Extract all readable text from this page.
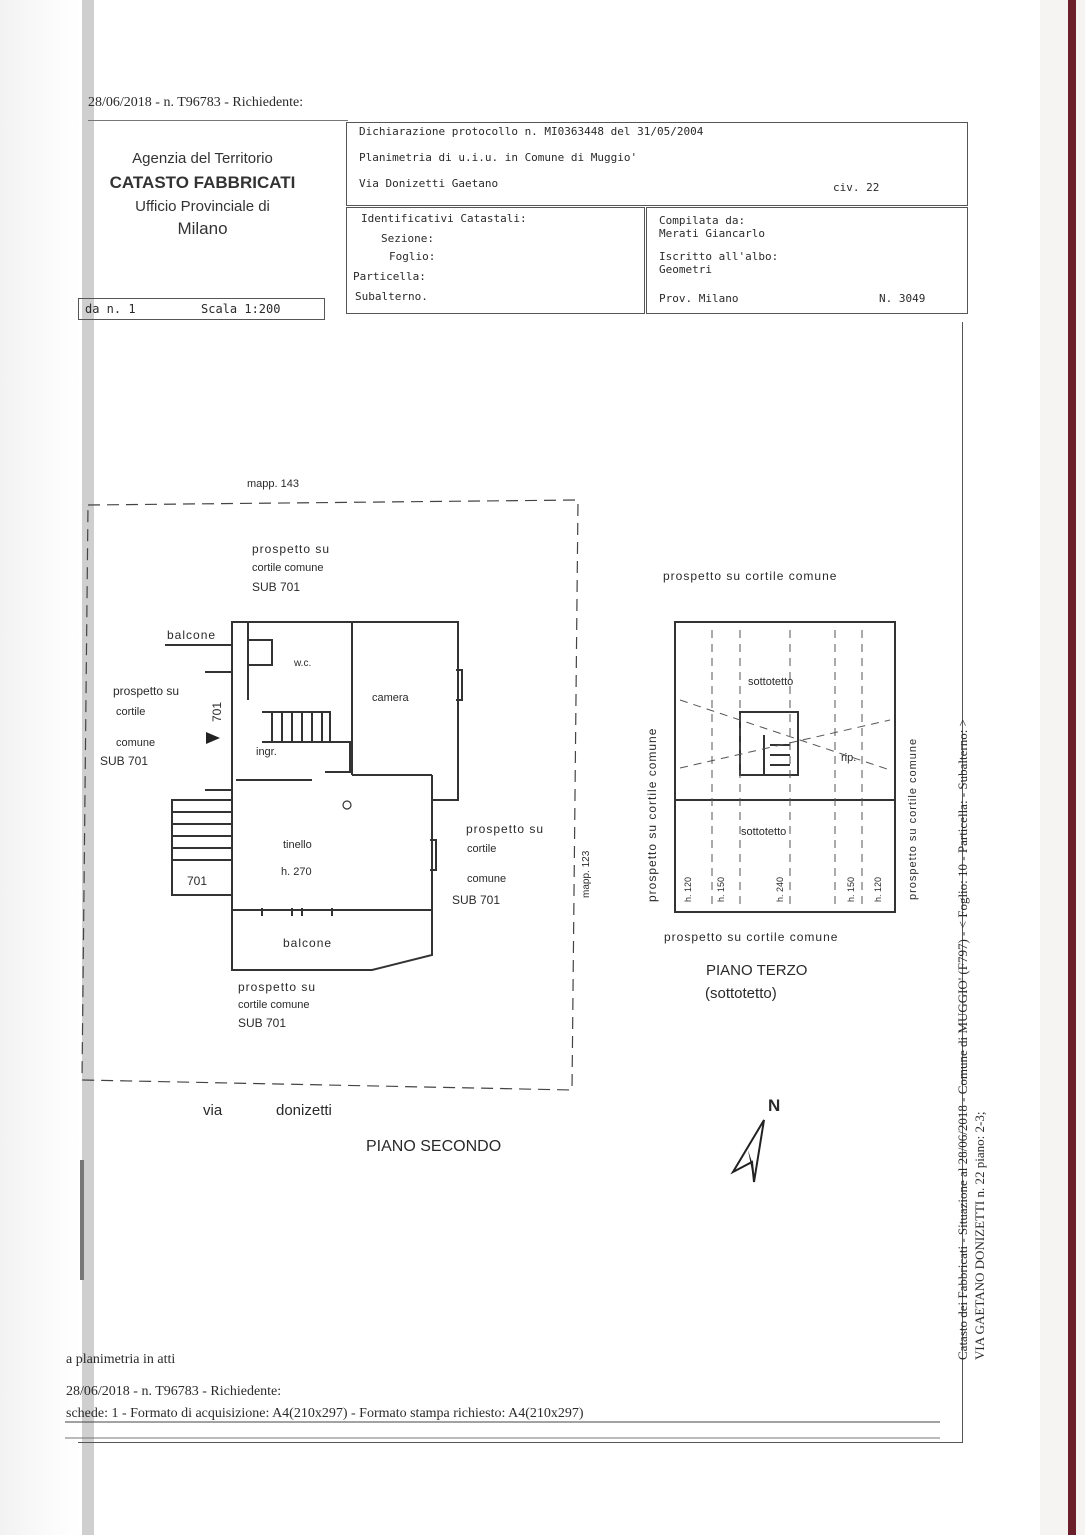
28/06/2018 - n. T96783 - Richiedente:
Agenzia del Territorio
CATASTO FABBRICATI
Ufficio Provinciale di
Milano
da n. 1	Scala 1:200
Dichiarazione protocollo n. MI0363448 del 31/05/2004
Planimetria di u.i.u. in Comune di Muggio'
Via Donizetti Gaetano	civ. 22
Identificativi Catastali:
Sezione:
Foglio:
Particella:
Subalterno.
Compilata da:
Merati Giancarlo
Iscritto all'albo:
Geometri
Prov. Milano	N. 3049
mapp. 143
prospetto su
cortile comune
SUB 701
balcone
prospetto su
cortile
comune
SUB 701
701
701
w.c.
camera
ingr.
tinello
h. 270
prospetto su
cortile
comune
SUB 701
mapp. 123
balcone
prospetto su
cortile comune
SUB 701
via	donizetti
PIANO SECONDO
prospetto su cortile comune
prospetto su cortile comune
prospetto su cortile comune	prospetto su cortile comune
sottotetto
sottotetto
rip.
h. 120	h. 150	h. 240	h. 150 h. 120
PIANO TERZO
(sottotetto)
N	Catasto dei Fabbricati - Situazione al 28/06/2018 - Comune di MUGGIO' (F797) - < Foglio: 10 - Particella: - Subalterno: > VIA GAETANO DONIZETTI n. 22 piano: 2-3;
a planimetria in atti
28/06/2018 - n. T96783 - Richiedente:
schede: 1 - Formato di acquisizione: A4(210x297) - Formato stampa richiesto: A4(210x297)
